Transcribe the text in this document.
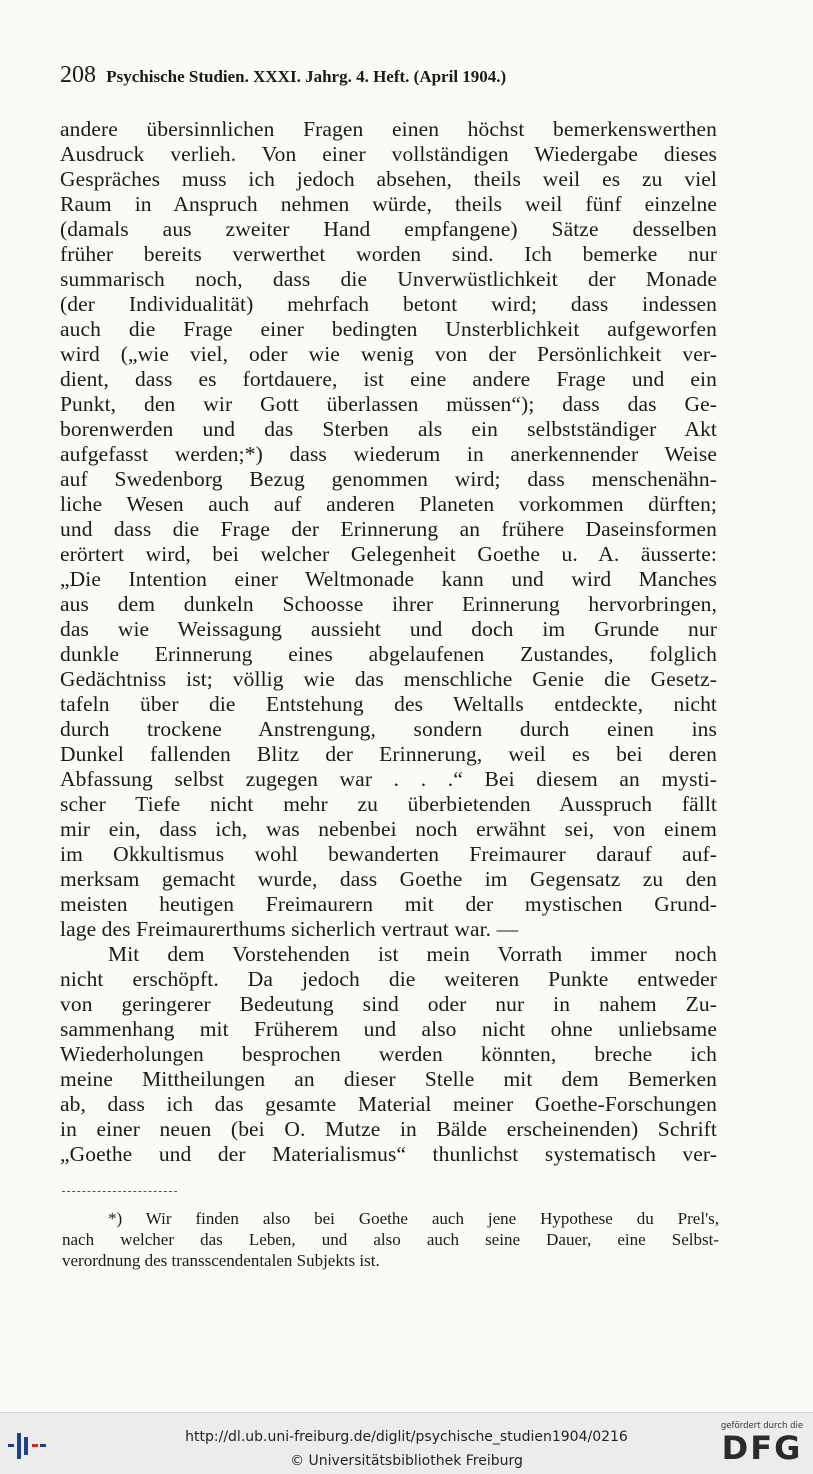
208 Psychische Studien. XXXI. Jahrg. 4. Heft. (April 1904.)
andere übersinnlichen Fragen einen höchst bemerkenswerthen
Ausdruck verlieh. Von einer vollständigen Wiedergabe dieses
Gespräches muss ich jedoch absehen, theils weil es zu viel
Raum in Anspruch nehmen würde, theils weil fünf einzelne
(damals aus zweiter Hand empfangene) Sätze desselben
früher bereits verwerthet worden sind. Ich bemerke nur
summarisch noch, dass die Unverwüstlichkeit der Monade
(der Individualität) mehrfach betont wird; dass indessen
auch die Frage einer bedingten Unsterblichkeit aufgeworfen
wird („wie viel, oder wie wenig von der Persönlichkeit ver-
dient, dass es fortdauere, ist eine andere Frage und ein
Punkt, den wir Gott überlassen müssen“); dass das Ge-
borenwerden und das Sterben als ein selbstständiger Akt
aufgefasst werden;*) dass wiederum in anerkennender Weise
auf Swedenborg Bezug genommen wird; dass menschenähn-
liche Wesen auch auf anderen Planeten vorkommen dürften;
und dass die Frage der Erinnerung an frühere Daseinsformen
erörtert wird, bei welcher Gelegenheit Goethe u. A. äusserte:
„Die Intention einer Weltmonade kann und wird Manches
aus dem dunkeln Schoosse ihrer Erinnerung hervorbringen,
das wie Weissagung aussieht und doch im Grunde nur
dunkle Erinnerung eines abgelaufenen Zustandes, folglich
Gedächtniss ist; völlig wie das menschliche Genie die Gesetz-
tafeln über die Entstehung des Weltalls entdeckte, nicht
durch trockene Anstrengung, sondern durch einen ins
Dunkel fallenden Blitz der Erinnerung, weil es bei deren
Abfassung selbst zugegen war . . .“ Bei diesem an mysti-
scher Tiefe nicht mehr zu überbietenden Ausspruch fällt
mir ein, dass ich, was nebenbei noch erwähnt sei, von einem
im Okkultismus wohl bewanderten Freimaurer darauf auf-
merksam gemacht wurde, dass Goethe im Gegensatz zu den
meisten heutigen Freimaurern mit der mystischen Grund-
lage des Freimaurerthums sicherlich vertraut war. —
Mit dem Vorstehenden ist mein Vorrath immer noch
nicht erschöpft. Da jedoch die weiteren Punkte entweder
von geringerer Bedeutung sind oder nur in nahem Zu-
sammenhang mit Früherem und also nicht ohne unliebsame
Wiederholungen besprochen werden könnten, breche ich
meine Mittheilungen an dieser Stelle mit dem Bemerken
ab, dass ich das gesamte Material meiner Goethe-Forschungen
in einer neuen (bei O. Mutze in Bälde erscheinenden) Schrift
„Goethe und der Materialismus“ thunlichst systematisch ver-
*) Wir finden also bei Goethe auch jene Hypothese du Prel's,
nach welcher das Leben, und also auch seine Dauer, eine Selbst-
verordnung des transscendentalen Subjekts ist.
http://dl.ub.uni-freiburg.de/diglit/psychische_studien1904/0216
© Universitätsbibliothek Freiburg
gefördert durch die
DFG
